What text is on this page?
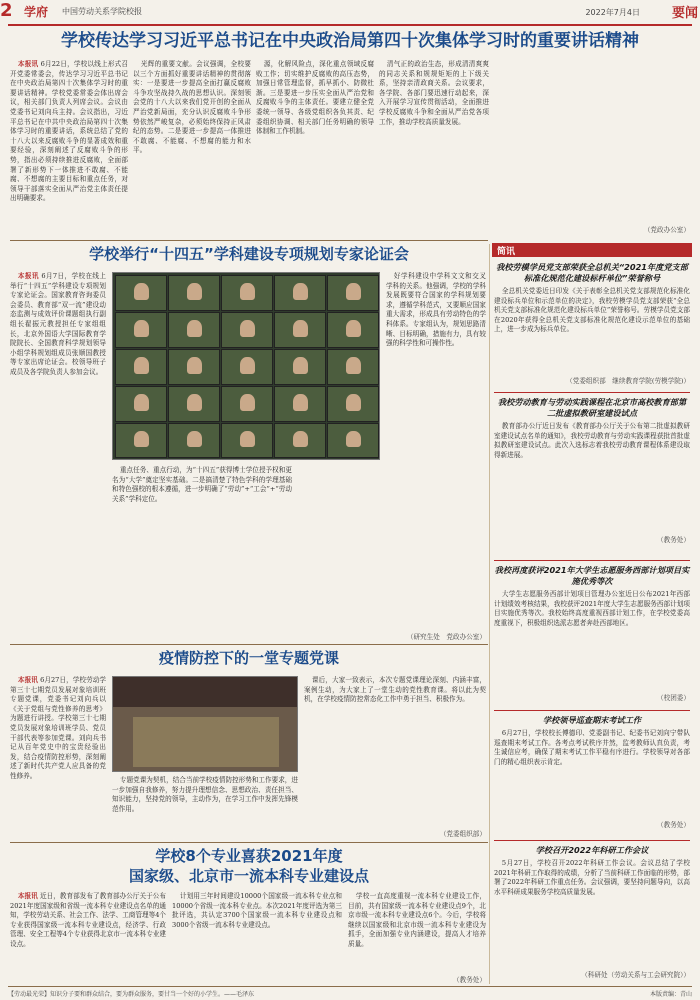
2 学府 中国劳动关系学院校报	2022年7月4日 要闻
学校传达学习习近平总书记在中央政治局第四十次集体学习时的重要讲话精神

本报讯 6月22日，学校以线上形式召开党委常委会，传达学习习近平总书记在中央政治局第四十次集体学习时的重要讲话精神。学校党委常委会体出席会议，相关部门负责人列席会议。会议由党委书记刘向兵主持。会议指出，习近平总书记在中共中央政治局第四十次集体学习时的重要讲话，系统总结了党的十八大以来反腐败斗争的显著成效和重要经验，深刻阐述了反腐败斗争的形势，指出必须持续推进反腐败，全面部署了新形势下一体推进不敢腐、不能腐、不想腐的主要目标和重点任务，对领导干部落实全面从严治党主体责任提出明确要求。

光辉的重要文献。会议强调，全校要以三个方面抓好重要讲话精神的贯彻落实：一是要进一步提高全面打赢反腐败斗争攻坚战持久战的思想认识。深刻领会党的十八大以来我们党开创的全面从严治党新局面，充分认识反腐败斗争形势依然严峻复杂，必须始终保持正风肃纪的态势。二是要进一步提高一体推进不敢腐、不能腐、不想腐的能力和水平。

源，化解风险点，深化重点领域反腐败工作；切实维护反腐败的高压态势，加强日常管理监督，抓早抓小、防微杜渐。三是要进一步压实全面从严治党和反腐败斗争的主体责任。要建立健全党委统一领导、各级党组织各负其责、纪委组织协调、相关部门任务明确的领导体制和工作机制。

清气正的政治生态，形成清清爽爽的同志关系和规规矩矩的上下级关系，坚持亲清政商关系。会议要求，各学院、各部门要迅速行动起来，深入开展学习宣传贯彻活动，全面推进学校反腐败斗争和全面从严治党各项工作，推动学校高质量发展。

（党政办公室）
学校举行“十四五”学科建设专项规划专家论证会

本报讯 6月7日，学校在线上举行“十四五”学科建设专项规划专家论证会。国家教育咨询委员会委员、教育部“双一流”建设动态监测与成效评价课题组执行副组长翟振元教授担任专家组组长，北京外国语大学国际教育学院院长、全国教育科学规划领导小组学科规划组成员张顺国教授等专家出席论证会。校领导班子成员及各学院负责人参加会议。

好学科建设中学科文文和交叉学科的关系。他强调，学校的学科发展既要符合国家的学科规划要求，遵循学科范式，又要顺应国家重大需求，形成具有劳动特色的学科体系。专家组认为，规划思路清晰、目标明确，措施有力，具有较强的科学性和可操作性。

重点任务、重点行动，为“十四五”获得博士学位授予权和更名为“大学”奠定坚实基础。二是搞清楚了特色学科的学理基础和特色强校的根本遵循，进一步明确了“劳动”+“工会”+“劳动关系”学科定位。

（研究生处　党政办公室）
疫情防控下的一堂专题党课

本报讯 6月27日，学校劳动学第三十七期党员发展对象培训班专题党课，党委书记刘向兵以《关于党组与党性修养的思考》为题进行讲授。学校第三十七期党员发展对象培训班学员、党员干部代表等参加党课。刘向兵书记从百年党史中的宝贵经验出发，结合疫情防控形势，深刻阐述了新时代共产党人应具备的党性修养。

专题党课为契机，结合当前学校疫情防控形势和工作要求，进一步加强自我修养，努力提升理想信念、思想政治、责任担当、知识能力，坚持党的领导，主动作为，在学习工作中发挥先锋模范作用。

课后，大家一致表示，本次专题党课理论深刻、内涵丰富，案例生动，为大家上了一堂生动的党性教育课。将以此为契机，在学校疫情防控常态化工作中勇于担当、积极作为。

（党委组织部）
学校8个专业喜获2021年度
国家级、北京市一流本科专业建设点

本报讯 近日，教育部发布了教育部办公厅关于公布2021年度国家级和省级一流本科专业建设点名单的通知，学校劳动关系、社会工作、法学、工商管理等4个专业获得国家级一流本科专业建设点，经济学、行政管理、安全工程等4个专业获得北京市一流本科专业建设点。

计划用三年时间建设10000个国家级一流本科专业点和10000个省级一流本科专业点。本次2021年度评选为第三批评选，共认定3700个国家级一流本科专业建设点和3000个省级一流本科专业建设点。

学校一直高度重视一流本科专业建设工作，目前，共有国家级一流本科专业建设点9个，北京市级一流本科专业建设点6个。今后，学校将继续以国家级和北京市级一流本科专业建设为抓手，全面加强专业内涵建设，提高人才培养质量。

（教务处）
简讯
我校劳模学员党支部荣获全总机关“2021年度党支部标准化规范化建设标杆单位”荣誉称号

全总机关党委近日印发《关于表彰全总机关党支部规范化标准化建设标兵单位和示范单位的决定》，我校劳模学员党支部荣获“全总机关党支部标准化规范化建设标兵单位”荣誉称号。劳模学员党支部在2020年获得全总机关党支部标准化规范化建设示范单位的基础上，进一步成为标兵单位。

（党委组织部　继续教育学院(劳模学院)）
我校劳动教育与劳动实践课程在北京市高校教育部第二批虚拟教研室建设试点

教育部办公厅近日发布《教育部办公厅关于公布第二批虚拟教研室建设试点名单的通知》，我校劳动教育与劳动实践课程获批首批虚拟教研室建设试点。此次入选标志着我校劳动教育课程体系建设取得新进展。

（教务处）
我校再度获评2021年大学生志愿服务西部计划项目实施优秀等次

大学生志愿服务西部计划项目管理办公室近日公布2021年西部计划绩效考核结果，我校获评2021年度大学生志愿服务西部计划项目实施优秀等次。我校始终高度重视西部计划工作，在学校党委高度重视下，积极组织选派志愿者奔赴西部地区。

（校团委）
学校领导巡查期末考试工作

6月27日，学校校长傅德印、党委副书记、纪委书记刘向宁带队巡查期末考试工作。各考点考试秩序井然，监考教师认真负责，考生诚信应考，确保了期末考试工作平稳有序进行。学校领导对各部门的精心组织表示肯定。

（教务处）
学校召开2022年科研工作会议

5月27日，学校召开2022年科研工作会议。会议总结了学校2021年科研工作取得的成绩，分析了当前科研工作面临的形势，部署了2022年科研工作重点任务。会议强调，要坚持问题导向，以高水平科研成果服务学校高质量发展。

（科研处（劳动关系与工会研究院））
【劳动最光荣】知识分子要和群众结合，要为群众服务，要甘当一个好的小学生。——毛泽东	本版责编：青山
